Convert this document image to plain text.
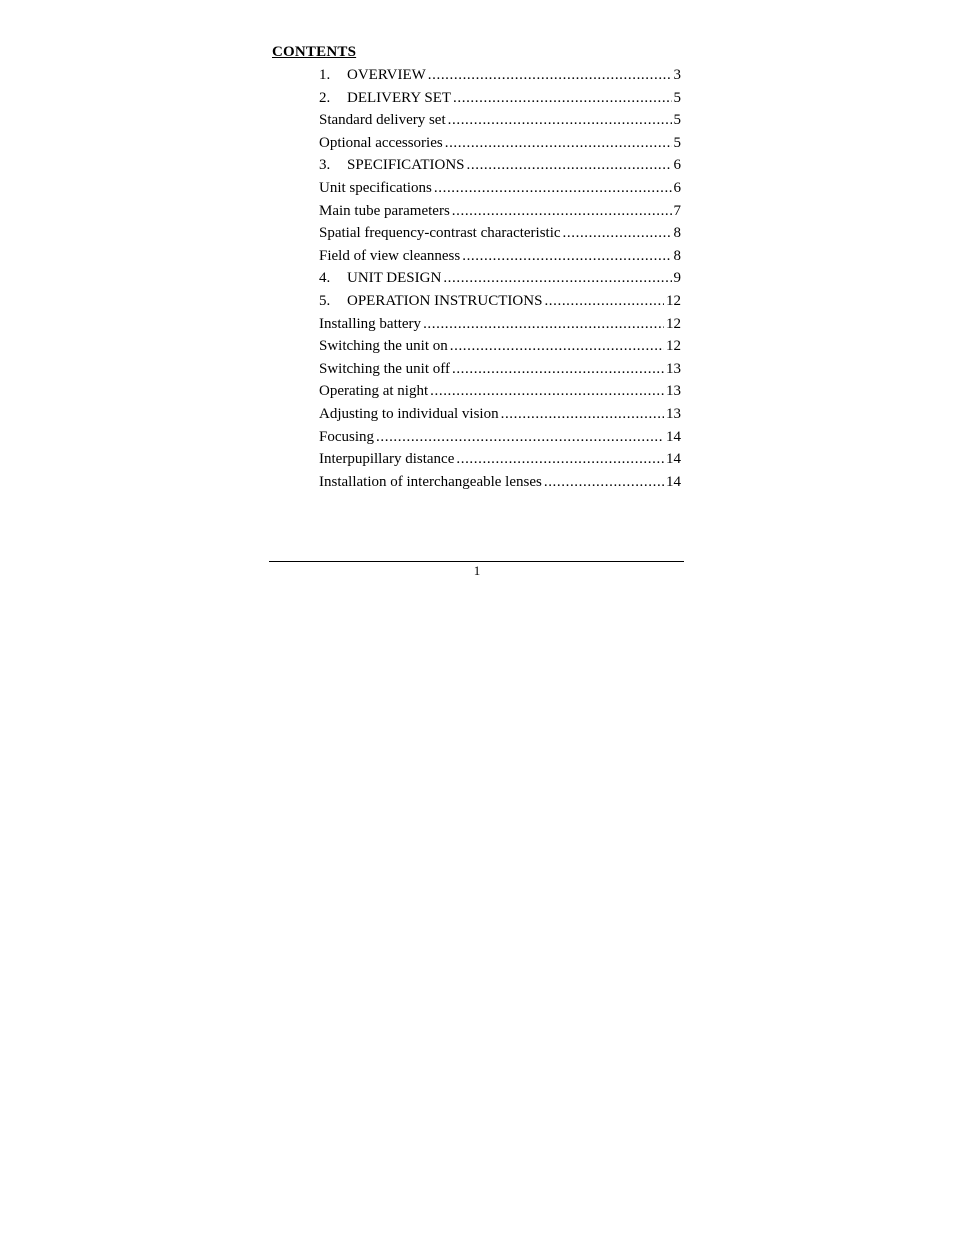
CONTENTS
1.	OVERVIEW .....	3
2.	DELIVERY SET .....	5
Standard delivery set .....	5
Optional accessories .....	5
3.	SPECIFICATIONS .....	6
Unit specifications .....	6
Main tube parameters .....	7
Spatial frequency-contrast characteristic .....	8
Field of view cleanness .....	8
4.	UNIT DESIGN .....	9
5.	OPERATION INSTRUCTIONS .....	12
Installing battery .....	12
Switching the unit on .....	12
Switching the unit off .....	13
Operating at night .....	13
Adjusting to individual vision .....	13
Focusing .....	14
Interpupillary distance .....	14
Installation of interchangeable lenses .....	14
1
